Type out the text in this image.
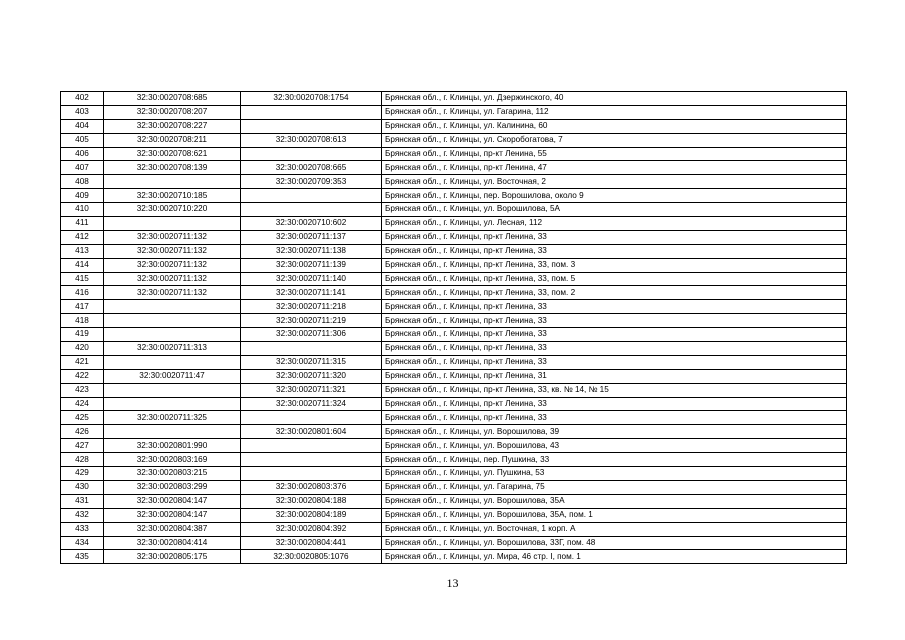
402	32:30:0020708:685	32:30:0020708:1754	Брянская обл., г. Клинцы, ул. Дзержинского, 40
403	32:30:0020708:207		Брянская обл., г. Клинцы, ул. Гагарина, 112
404	32:30:0020708:227		Брянская обл., г. Клинцы, ул. Калинина, 60
405	32:30:0020708:211	32:30:0020708:613	Брянская обл., г. Клинцы, ул. Скоробогатова, 7
406	32:30:0020708:621		Брянская обл., г. Клинцы, пр-кт Ленина, 55
407	32:30:0020708:139	32:30:0020708:665	Брянская обл., г. Клинцы, пр-кт Ленина, 47
408		32:30:0020709:353	Брянская обл., г. Клинцы, ул. Восточная, 2
409	32:30:0020710:185		Брянская обл., г. Клинцы, пер. Ворошилова, около 9
410	32:30:0020710:220		Брянская обл., г. Клинцы, ул. Ворошилова, 5А
411		32:30:0020710:602	Брянская обл., г. Клинцы, ул. Лесная, 112
412	32:30:0020711:132	32:30:0020711:137	Брянская обл., г. Клинцы, пр-кт Ленина, 33
413	32:30:0020711:132	32:30:0020711:138	Брянская обл., г. Клинцы, пр-кт Ленина, 33
414	32:30:0020711:132	32:30:0020711:139	Брянская обл., г. Клинцы, пр-кт Ленина, 33, пом. 3
415	32:30:0020711:132	32:30:0020711:140	Брянская обл., г. Клинцы, пр-кт Ленина, 33, пом. 5
416	32:30:0020711:132	32:30:0020711:141	Брянская обл., г. Клинцы, пр-кт Ленина, 33, пом. 2
417		32:30:0020711:218	Брянская обл., г. Клинцы, пр-кт Ленина, 33
418		32:30:0020711:219	Брянская обл., г. Клинцы, пр-кт Ленина, 33
419		32:30:0020711:306	Брянская обл., г. Клинцы, пр-кт Ленина, 33
420	32:30:0020711:313		Брянская обл., г. Клинцы, пр-кт Ленина, 33
421		32:30:0020711:315	Брянская обл., г. Клинцы, пр-кт Ленина, 33
422	32:30:0020711:47	32:30:0020711:320	Брянская обл., г. Клинцы, пр-кт Ленина, 31
423		32:30:0020711:321	Брянская обл., г. Клинцы, пр-кт Ленина, 33, кв. № 14, № 15
424		32:30:0020711:324	Брянская обл., г. Клинцы, пр-кт Ленина, 33
425	32:30:0020711:325		Брянская обл., г. Клинцы, пр-кт Ленина, 33
426		32:30:0020801:604	Брянская обл., г. Клинцы, ул. Ворошилова, 39
427	32:30:0020801:990		Брянская обл., г. Клинцы, ул. Ворошилова, 43
428	32:30:0020803:169		Брянская обл., г. Клинцы, пер. Пушкина, 33
429	32:30:0020803:215		Брянская обл., г. Клинцы, ул. Пушкина, 53
430	32:30:0020803:299	32:30:0020803:376	Брянская обл., г. Клинцы, ул. Гагарина, 75
431	32:30:0020804:147	32:30:0020804:188	Брянская обл., г. Клинцы, ул. Ворошилова, 35А
432	32:30:0020804:147	32:30:0020804:189	Брянская обл., г. Клинцы, ул. Ворошилова, 35А, пом. 1
433	32:30:0020804:387	32:30:0020804:392	Брянская обл., г. Клинцы, ул. Восточная, 1 корп. А
434	32:30:0020804:414	32:30:0020804:441	Брянская обл., г. Клинцы, ул. Ворошилова, 33Г, пом. 48
435	32:30:0020805:175	32:30:0020805:1076	Брянская обл., г. Клинцы, ул. Мира, 46 стр. I, пом. 1
13
